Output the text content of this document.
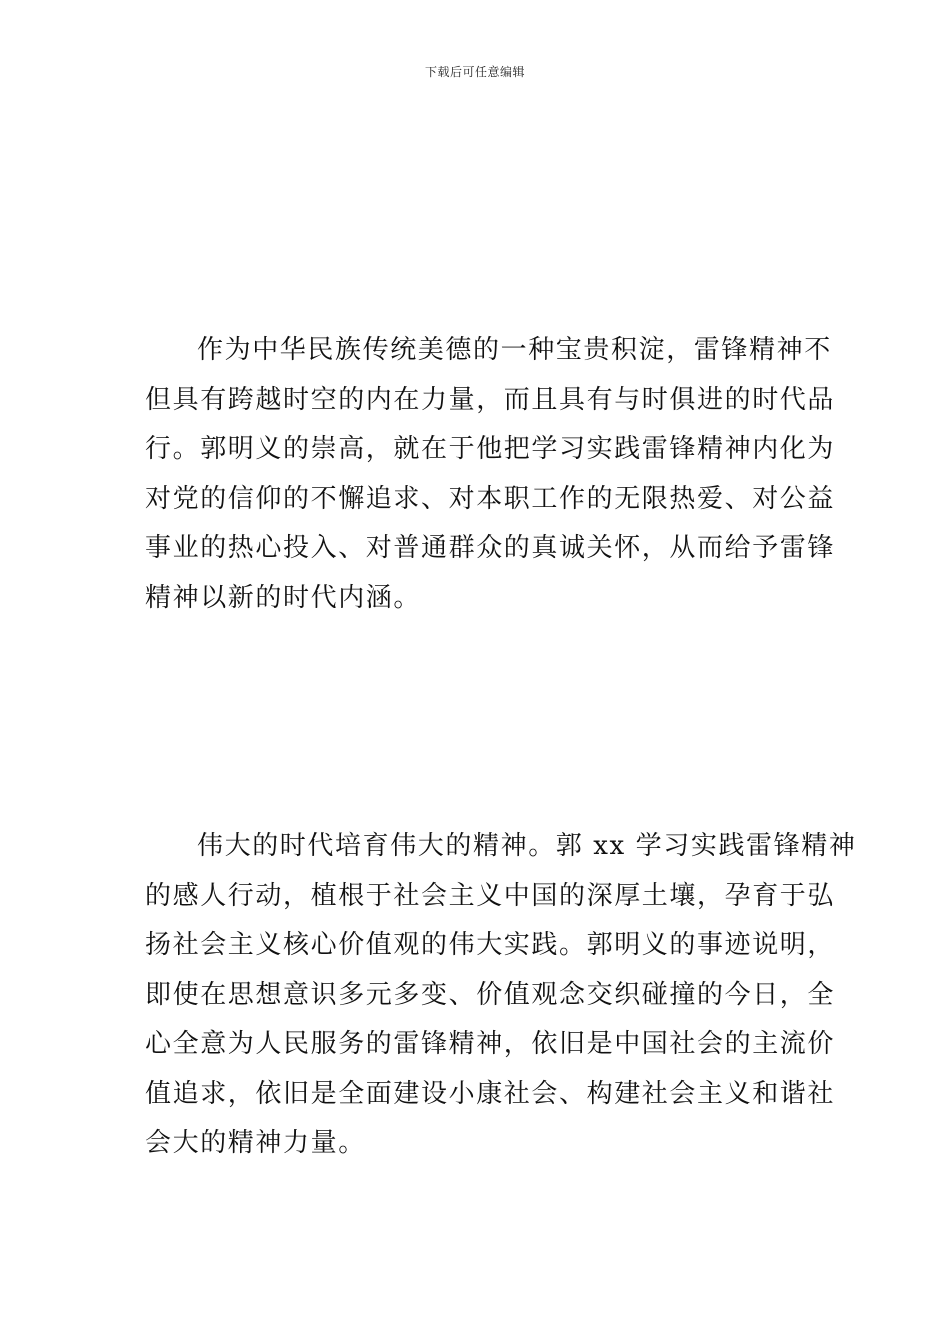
下载后可任意编辑
作为中华民族传统美德的一种宝贵积淀，雷锋精神不
但具有跨越时空的内在力量，而且具有与时俱进的时代品
行。郭明义的崇高，就在于他把学习实践雷锋精神内化为
对党的信仰的不懈追求、对本职工作的无限热爱、对公益
事业的热心投入、对普通群众的真诚关怀，从而给予雷锋
精神以新的时代内涵。
伟大的时代培育伟大的精神。郭 xx 学习实践雷锋精神
的感人行动，植根于社会主义中国的深厚土壤，孕育于弘
扬社会主义核心价值观的伟大实践。郭明义的事迹说明，
即使在思想意识多元多变、价值观念交织碰撞的今日，全
心全意为人民服务的雷锋精神，依旧是中国社会的主流价
值追求，依旧是全面建设小康社会、构建社会主义和谐社
会大的精神力量。
